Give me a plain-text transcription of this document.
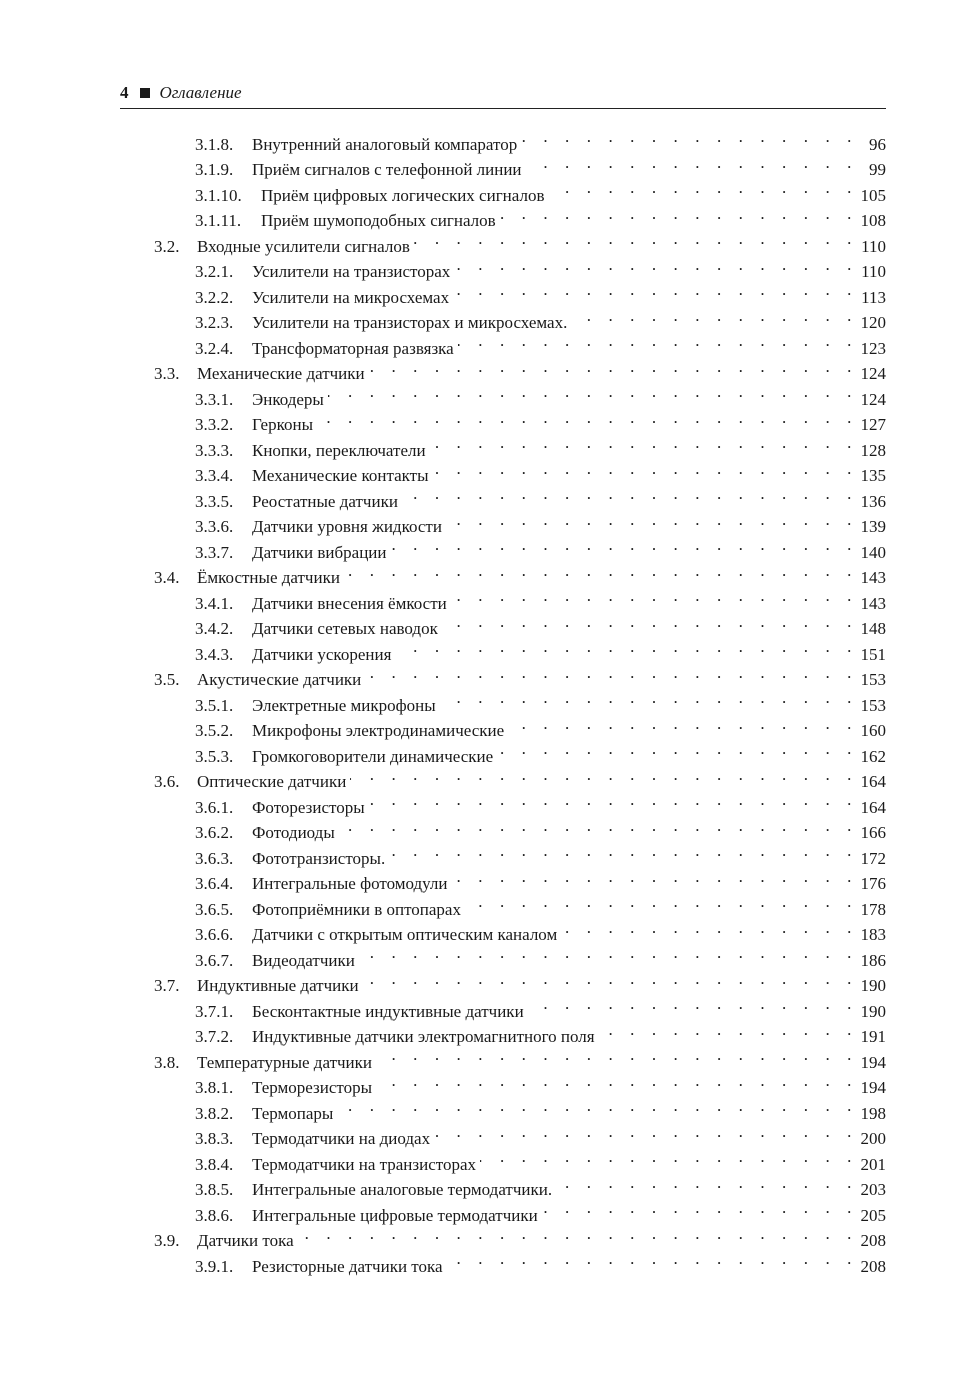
4 Оглавление
3.1.8.	Внутренний аналоговый компаратор . . .	96
3.1.9.	Приём сигналов с телефонной линии . . .	99
3.1.10.	Приём цифровых логических сигналов . . .	105
3.1.11.	Приём шумоподобных сигналов . . .	108
3.2.	Входные усилители сигналов . . .	110
3.2.1.	Усилители на транзисторах . . .	110
3.2.2.	Усилители на микросхемах . . .	113
3.2.3.	Усилители на транзисторах и микросхемах. . . .	120
3.2.4.	Трансформаторная развязка . . .	123
3.3.	Механические датчики . . .	124
3.3.1.	Энкодеры . . .	124
3.3.2.	Герконы . . .	127
3.3.3.	Кнопки, переключатели . . .	128
3.3.4.	Механические контакты . . .	135
3.3.5.	Реостатные датчики . . .	136
3.3.6.	Датчики уровня жидкости . . .	139
3.3.7.	Датчики вибрации . . .	140
3.4.	Ёмкостные датчики . . .	143
3.4.1.	Датчики внесения ёмкости . . .	143
3.4.2.	Датчики сетевых наводок . . .	148
3.4.3.	Датчики ускорения . . .	151
3.5.	Акустические датчики . . .	153
3.5.1.	Электретные микрофоны . . .	153
3.5.2.	Микрофоны электродинамические . . .	160
3.5.3.	Громкоговорители динамические . . .	162
3.6.	Оптические датчики . . .	164
3.6.1.	Фоторезисторы . . .	164
3.6.2.	Фотодиоды . . .	166
3.6.3.	Фототранзисторы. . . .	172
3.6.4.	Интегральные фотомодули . . .	176
3.6.5.	Фотоприёмники в оптопарах . . .	178
3.6.6.	Датчики с открытым оптическим каналом . . .	183
3.6.7.	Видеодатчики . . .	186
3.7.	Индуктивные датчики . . .	190
3.7.1.	Бесконтактные индуктивные датчики . . .	190
3.7.2.	Индуктивные датчики электромагнитного поля . . .	191
3.8.	Температурные датчики . . .	194
3.8.1.	Терморезисторы . . .	194
3.8.2.	Термопары . . .	198
3.8.3.	Термодатчики на диодах . . .	200
3.8.4.	Термодатчики на транзисторах . . .	201
3.8.5.	Интегральные аналоговые термодатчики. . . .	203
3.8.6.	Интегральные цифровые термодатчики . . .	205
3.9.	Датчики тока . . .	208
3.9.1.	Резисторные датчики тока . . .	208
